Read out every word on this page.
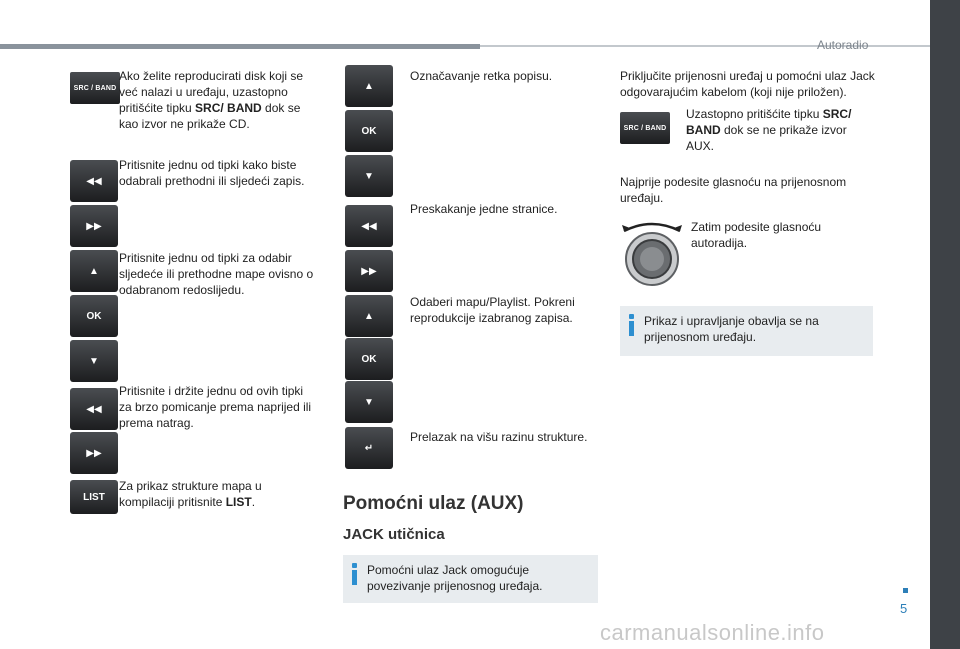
Autoradio
5
carmanualsonline.info
SRC / BAND
Ako želite reproducirati disk koji se već nalazi u uređaju, uzastopno pritišćite tipku SRC/ BAND dok se kao izvor ne prikaže CD.
◀◀
▶▶
Pritisnite jednu od tipki kako biste odabrali prethodni ili sljedeći zapis.
▲
OK
▼
Pritisnite jednu od tipki za odabir sljedeće ili prethodne mape ovisno o odabranom redoslijedu.
◀◀
▶▶
Pritisnite i držite jednu od ovih tipki za brzo pomicanje prema naprijed ili prema natrag.
LIST
Za prikaz strukture mapa u kompilaciji pritisnite LIST.
▲
OK
▼
Označavanje retka popisu.
◀◀
▶▶
Preskakanje jedne stranice.
▲
OK
▼
Odaberi mapu/Playlist. Pokreni reprodukcije izabranog zapisa.
↵
Prelazak na višu razinu strukture.
Pomoćni ulaz (AUX)
JACK utičnica
Pomoćni ulaz Jack omogućuje povezivanje prijenosnog uređaja.
Priključite prijenosni uređaj u pomoćni ulaz Jack odgovarajućim kabelom (koji nije priložen).
SRC / BAND
Uzastopno pritišćite tipku SRC/ BAND dok se ne prikaže izvor AUX.
Najprije podesite glasnoću na prijenosnom uređaju.
Zatim podesite glasnoću autoradija.
Prikaz i upravljanje obavlja se na prijenosnom uređaju.
